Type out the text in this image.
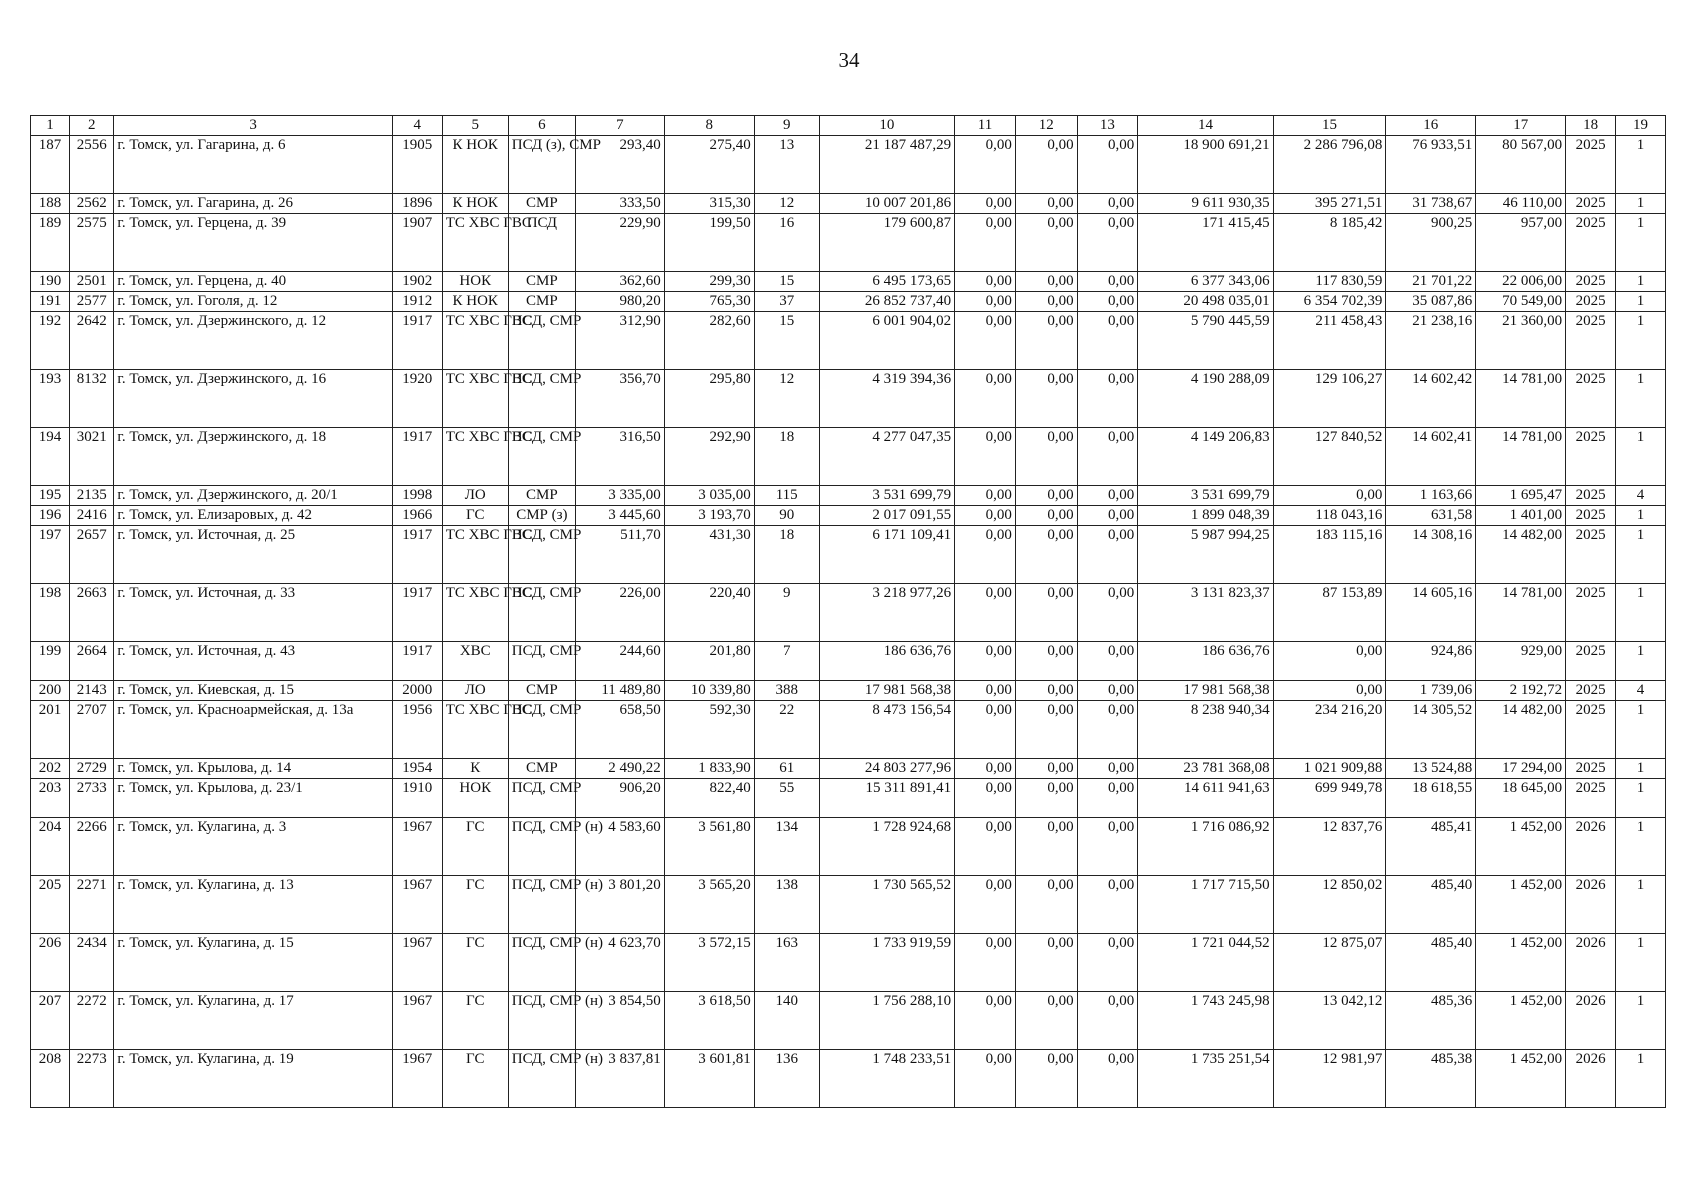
34
1	2	3	4	5	6	7	8	9	10	11	12	13	14	15	16	17	18	19
187	2556	г. Томск, ул. Гагарина, д. 6	1905	К НОК	ПСД (з), СМР	293,40	275,40	13	21 187 487,29	0,00	0,00	0,00	18 900 691,21	2 286 796,08	76 933,51	80 567,00	2025	1
188	2562	г. Томск, ул. Гагарина, д. 26	1896	К НОК	СМР	333,50	315,30	12	10 007 201,86	0,00	0,00	0,00	9 611 930,35	395 271,51	31 738,67	46 110,00	2025	1
189	2575	г. Томск, ул. Герцена, д. 39	1907	ТС ХВС ГВС	ПСД	229,90	199,50	16	179 600,87	0,00	0,00	0,00	171 415,45	8 185,42	900,25	957,00	2025	1
190	2501	г. Томск, ул. Герцена, д. 40	1902	НОК	СМР	362,60	299,30	15	6 495 173,65	0,00	0,00	0,00	6 377 343,06	117 830,59	21 701,22	22 006,00	2025	1
191	2577	г. Томск, ул. Гоголя, д. 12	1912	К НОК	СМР	980,20	765,30	37	26 852 737,40	0,00	0,00	0,00	20 498 035,01	6 354 702,39	35 087,86	70 549,00	2025	1
192	2642	г. Томск, ул. Дзержинского, д. 12	1917	ТС ХВС ГВС	ПСД, СМР	312,90	282,60	15	6 001 904,02	0,00	0,00	0,00	5 790 445,59	211 458,43	21 238,16	21 360,00	2025	1
193	8132	г. Томск, ул. Дзержинского, д. 16	1920	ТС ХВС ГВС	ПСД, СМР	356,70	295,80	12	4 319 394,36	0,00	0,00	0,00	4 190 288,09	129 106,27	14 602,42	14 781,00	2025	1
194	3021	г. Томск, ул. Дзержинского, д. 18	1917	ТС ХВС ГВС	ПСД, СМР	316,50	292,90	18	4 277 047,35	0,00	0,00	0,00	4 149 206,83	127 840,52	14 602,41	14 781,00	2025	1
195	2135	г. Томск, ул. Дзержинского, д. 20/1	1998	ЛО	СМР	3 335,00	3 035,00	115	3 531 699,79	0,00	0,00	0,00	3 531 699,79	0,00	1 163,66	1 695,47	2025	4
196	2416	г. Томск, ул. Елизаровых, д. 42	1966	ГС	СМР (з)	3 445,60	3 193,70	90	2 017 091,55	0,00	0,00	0,00	1 899 048,39	118 043,16	631,58	1 401,00	2025	1
197	2657	г. Томск, ул. Источная, д. 25	1917	ТС ХВС ГВС	ПСД, СМР	511,70	431,30	18	6 171 109,41	0,00	0,00	0,00	5 987 994,25	183 115,16	14 308,16	14 482,00	2025	1
198	2663	г. Томск, ул. Источная, д. 33	1917	ТС ХВС ГВС	ПСД, СМР	226,00	220,40	9	3 218 977,26	0,00	0,00	0,00	3 131 823,37	87 153,89	14 605,16	14 781,00	2025	1
199	2664	г. Томск, ул. Источная, д. 43	1917	ХВС	ПСД, СМР	244,60	201,80	7	186 636,76	0,00	0,00	0,00	186 636,76	0,00	924,86	929,00	2025	1
200	2143	г. Томск, ул. Киевская, д. 15	2000	ЛО	СМР	11 489,80	10 339,80	388	17 981 568,38	0,00	0,00	0,00	17 981 568,38	0,00	1 739,06	2 192,72	2025	4
201	2707	г. Томск, ул. Красноармейская, д. 13а	1956	ТС ХВС ГВС	ПСД, СМР	658,50	592,30	22	8 473 156,54	0,00	0,00	0,00	8 238 940,34	234 216,20	14 305,52	14 482,00	2025	1
202	2729	г. Томск, ул. Крылова, д. 14	1954	К	СМР	2 490,22	1 833,90	61	24 803 277,96	0,00	0,00	0,00	23 781 368,08	1 021 909,88	13 524,88	17 294,00	2025	1
203	2733	г. Томск, ул. Крылова, д. 23/1	1910	НОК	ПСД, СМР	906,20	822,40	55	15 311 891,41	0,00	0,00	0,00	14 611 941,63	699 949,78	18 618,55	18 645,00	2025	1
204	2266	г. Томск, ул. Кулагина, д. 3	1967	ГС	ПСД, СМР (н)	4 583,60	3 561,80	134	1 728 924,68	0,00	0,00	0,00	1 716 086,92	12 837,76	485,41	1 452,00	2026	1
205	2271	г. Томск, ул. Кулагина, д. 13	1967	ГС	ПСД, СМР (н)	3 801,20	3 565,20	138	1 730 565,52	0,00	0,00	0,00	1 717 715,50	12 850,02	485,40	1 452,00	2026	1
206	2434	г. Томск, ул. Кулагина, д. 15	1967	ГС	ПСД, СМР (н)	4 623,70	3 572,15	163	1 733 919,59	0,00	0,00	0,00	1 721 044,52	12 875,07	485,40	1 452,00	2026	1
207	2272	г. Томск, ул. Кулагина, д. 17	1967	ГС	ПСД, СМР (н)	3 854,50	3 618,50	140	1 756 288,10	0,00	0,00	0,00	1 743 245,98	13 042,12	485,36	1 452,00	2026	1
208	2273	г. Томск, ул. Кулагина, д. 19	1967	ГС	ПСД, СМР (н)	3 837,81	3 601,81	136	1 748 233,51	0,00	0,00	0,00	1 735 251,54	12 981,97	485,38	1 452,00	2026	1
